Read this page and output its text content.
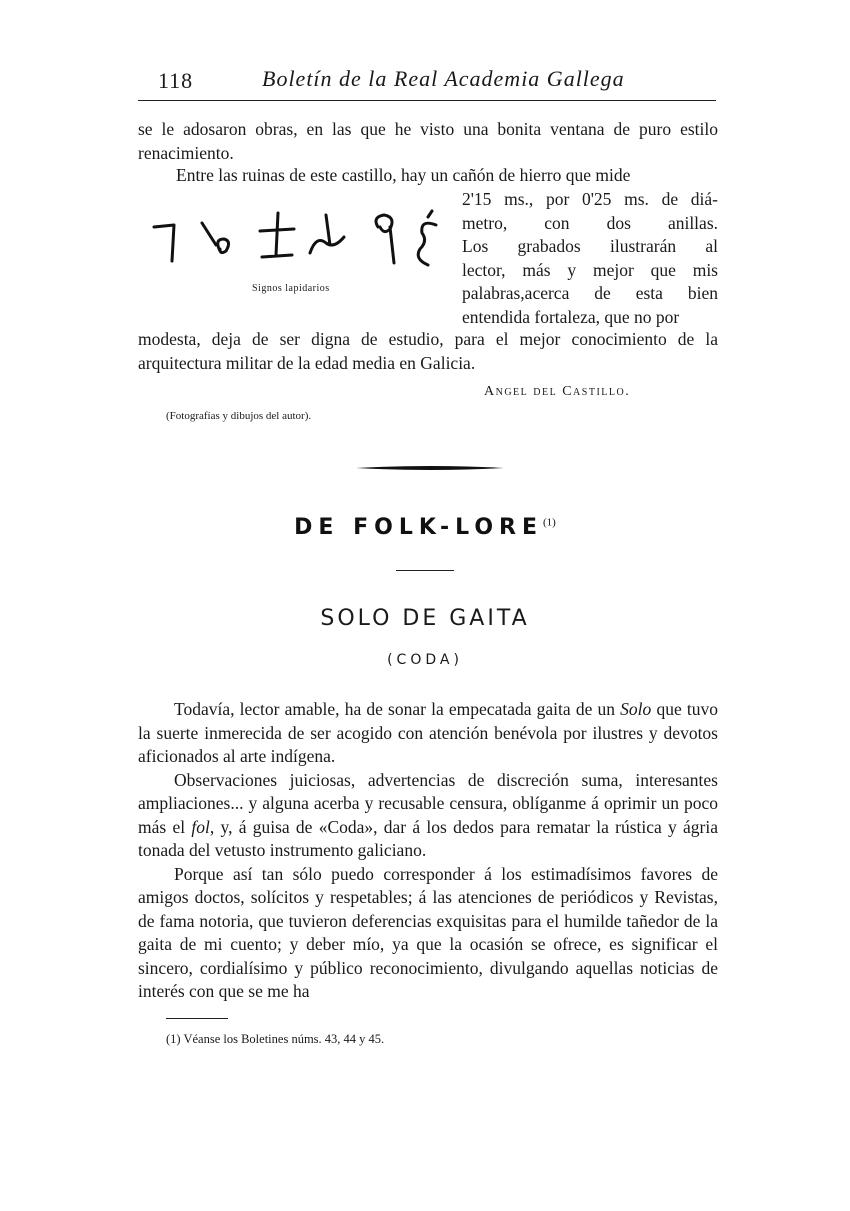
118	Boletín de la Real Academia Gallega
se le adosaron obras, en las que he visto una bonita ventana de puro estilo renacimiento.
Entre las ruinas de este castillo, hay un cañón de hierro que mide
2'15 ms., por 0'25 ms. de diá-
metro, con dos anillas.
Los grabados ilustrarán al
lector, más y mejor que mis
palabras,acerca de esta bien
entendida fortaleza, que no por
Signos lapidarios
modesta, deja de ser digna de estudio, para el mejor conocimiento de la arquitectura militar de la edad media en Galicia.
Angel del Castillo.
(Fotografías y dibujos del autor).
DE FOLK-LORE$^{(1)}$
SOLO DE GAITA
(CODA)

Todavía, lector amable, ha de sonar la empecatada gaita de un Solo que tuvo la suerte inmerecida de ser acogido con atención benévola por ilustres y devotos aficionados al arte indígena.

Observaciones juiciosas, advertencias de discreción suma, interesantes ampliaciones... y alguna acerba y recusable censura, oblíganme á oprimir un poco más el fol, y, á guisa de «Coda», dar á los dedos para rematar la rústica y ágria tonada del vetusto instrumento galiciano.

Porque así tan sólo puedo corresponder á los estimadísimos favores de amigos doctos, solícitos y respetables; á las atenciones de periódicos y Revistas, de fama notoria, que tuvieron deferencias exquisitas para el humilde tañedor de la gaita de mi cuento; y deber mío, ya que la ocasión se ofrece, es significar el sincero, cordialísimo y público reconocimiento, divulgando aquellas noticias de interés con que se me ha

(1) Véanse los Boletines núms. 43, 44 y 45.
